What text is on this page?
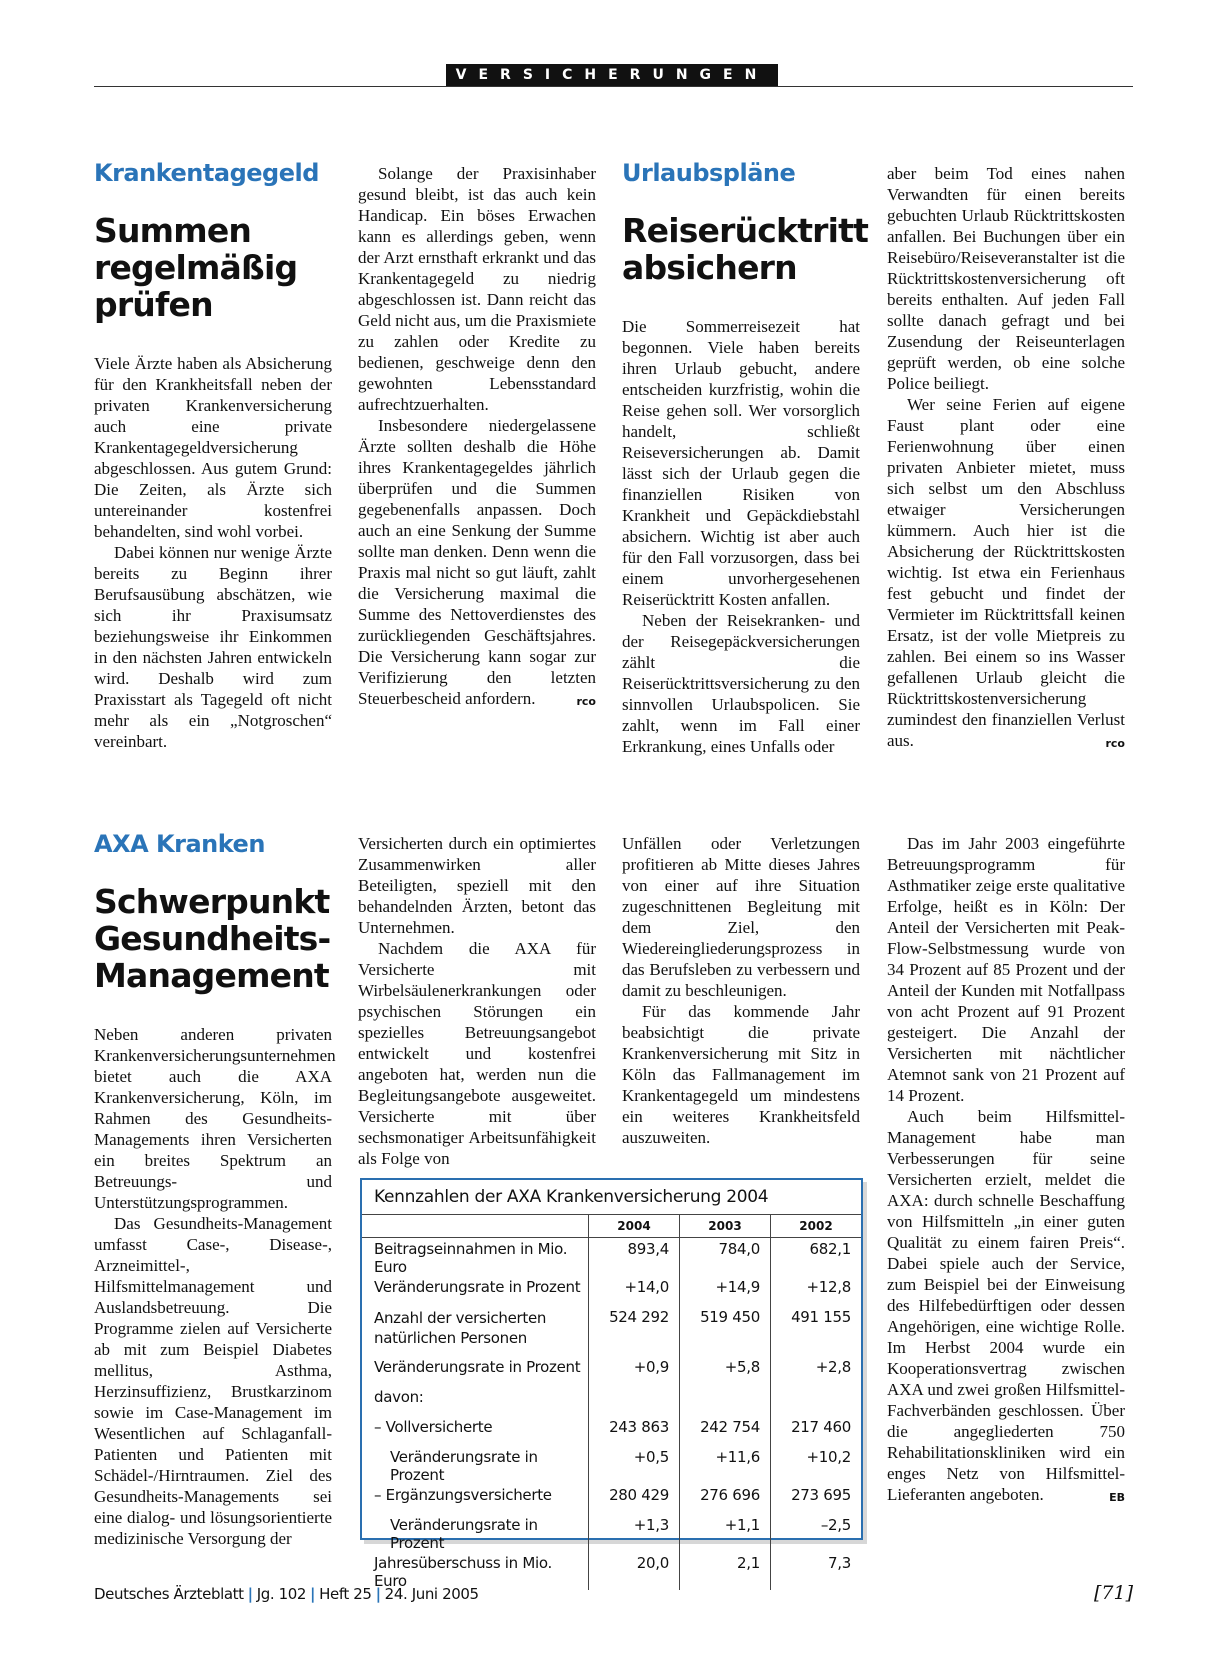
VERSICHERUNGEN
Krankentagegeld
Summen regelmäßig prüfen

Viele Ärzte haben als Absicherung für den Krankheitsfall neben der privaten Krankenversicherung auch eine private Krankentagegeldversicherung abgeschlossen. Aus gutem Grund: Die Zeiten, als Ärzte sich untereinander kostenfrei behandelten, sind wohl vorbei.

Dabei können nur wenige Ärzte bereits zu Beginn ihrer Berufsausübung abschätzen, wie sich ihr Praxisumsatz beziehungsweise ihr Einkommen in den nächsten Jahren entwickeln wird. Deshalb wird zum Praxisstart als Tagegeld oft nicht mehr als ein „Notgroschen“ vereinbart.

Solange der Praxisinhaber gesund bleibt, ist das auch kein Handicap. Ein böses Erwachen kann es allerdings geben, wenn der Arzt ernsthaft erkrankt und das Krankentagegeld zu niedrig abgeschlossen ist. Dann reicht das Geld nicht aus, um die Praxismiete zu zahlen oder Kredite zu bedienen, geschweige denn den gewohnten Lebensstandard aufrechtzuerhalten.

Insbesondere niedergelassene Ärzte sollten deshalb die Höhe ihres Krankentagegeldes jährlich überprüfen und die Summen gegebenenfalls anpassen. Doch auch an eine Senkung der Summe sollte man denken. Denn wenn die Praxis mal nicht so gut läuft, zahlt die Versicherung maximal die Summe des Nettoverdienstes des zurückliegenden Geschäftsjahres. Die Versicherung kann sogar zur Verifizierung den letzten Steuerbescheid anfordern.	rco

Urlaubspläne
Reiserücktritt absichern

Die Sommerreisezeit hat begonnen. Viele haben bereits ihren Urlaub gebucht, andere entscheiden kurzfristig, wohin die Reise gehen soll. Wer vorsorglich handelt, schließt Reiseversicherungen ab. Damit lässt sich der Urlaub gegen die finanziellen Risiken von Krankheit und Gepäckdiebstahl absichern. Wichtig ist aber auch für den Fall vorzusorgen, dass bei einem unvorhergesehenen Reiserücktritt Kosten anfallen.

Neben der Reisekranken- und der Reisegepäckversicherungen zählt die Reiserücktrittsversicherung zu den sinnvollen Urlaubspolicen. Sie zahlt, wenn im Fall einer Erkrankung, eines Unfalls oder

aber beim Tod eines nahen Verwandten für einen bereits gebuchten Urlaub Rücktrittskosten anfallen. Bei Buchungen über ein Reisebüro/Reiseveranstalter ist die Rücktrittskostenversicherung oft bereits enthalten. Auf jeden Fall sollte danach gefragt und bei Zusendung der Reiseunterlagen geprüft werden, ob eine solche Police beiliegt.

Wer seine Ferien auf eigene Faust plant oder eine Ferienwohnung über einen privaten Anbieter mietet, muss sich selbst um den Abschluss etwaiger Versicherungen kümmern. Auch hier ist die Absicherung der Rücktrittskosten wichtig. Ist etwa ein Ferienhaus fest gebucht und findet der Vermieter im Rücktrittsfall keinen Ersatz, ist der volle Mietpreis zu zahlen. Bei einem so ins Wasser gefallenen Urlaub gleicht die Rücktrittskostenversicherung zumindest den finanziellen Verlust aus.	rco

AXA Kranken
Schwerpunkt Gesundheits-Management

Neben anderen privaten Krankenversicherungsunternehmen bietet auch die AXA Krankenversicherung, Köln, im Rahmen des Gesundheits-Managements ihren Versicherten ein breites Spektrum an Betreuungs- und Unterstützungsprogrammen.

Das Gesundheits-Management umfasst Case-, Disease-, Arzneimittel-, Hilfsmittelmanagement und Auslandsbetreuung. Die Programme zielen auf Versicherte ab mit zum Beispiel Diabetes mellitus, Asthma, Herzinsuffizienz, Brustkarzinom sowie im Case-Management im Wesentlichen auf Schlaganfall-Patienten und Patienten mit Schädel-/Hirntraumen. Ziel des Gesundheits-Managements sei eine dialog- und lösungsorientierte medizinische Versorgung der

Versicherten durch ein optimiertes Zusammenwirken aller Beteiligten, speziell mit den behandelnden Ärzten, betont das Unternehmen.

Nachdem die AXA für Versicherte mit Wirbelsäulenerkrankungen oder psychischen Störungen ein spezielles Betreuungsangebot entwickelt und kostenfrei angeboten hat, werden nun die Begleitungsangebote ausgeweitet. Versicherte mit über sechsmonatiger Arbeitsunfähigkeit als Folge von

Unfällen oder Verletzungen profitieren ab Mitte dieses Jahres von einer auf ihre Situation zugeschnittenen Begleitung mit dem Ziel, den Wiedereingliederungsprozess in das Berufsleben zu verbessern und damit zu beschleunigen.

Für das kommende Jahr beabsichtigt die private Krankenversicherung mit Sitz in Köln das Fallmanagement im Krankentagegeld um mindestens ein weiteres Krankheitsfeld auszuweiten.

Das im Jahr 2003 eingeführte Betreuungsprogramm für Asthmatiker zeige erste qualitative Erfolge, heißt es in Köln: Der Anteil der Versicherten mit Peak-Flow-Selbstmessung wurde von 34 Prozent auf 85 Prozent und der Anteil der Kunden mit Notfallpass von acht Prozent auf 91 Prozent gesteigert. Die Anzahl der Versicherten mit nächtlicher Atemnot sank von 21 Prozent auf 14 Prozent.

Auch beim Hilfsmittel-Management habe man Verbesserungen für seine Versicherten erzielt, meldet die AXA: durch schnelle Beschaffung von Hilfsmitteln „in einer guten Qualität zu einem fairen Preis“. Dabei spiele auch der Service, zum Beispiel bei der Einweisung des Hilfebedürftigen oder dessen Angehörigen, eine wichtige Rolle. Im Herbst 2004 wurde ein Kooperationsvertrag zwischen AXA und zwei großen Hilfsmittel-Fachverbänden geschlossen. Über die angegliederten 750 Rehabilitationskliniken wird ein enges Netz von Hilfsmittel-Lieferanten angeboten.	EB

Kennzahlen der AXA Krankenversicherung 2004
	2004	2003	2002
Beitragseinnahmen in Mio. Euro	893,4	784,0	682,1
Veränderungsrate in Prozent	+14,0	+14,9	+12,8
Anzahl der versicherten natürlichen Personen	524 292	519 450	491 155
Veränderungsrate in Prozent	+0,9	+5,8	+2,8
davon:			
– Vollversicherte	243 863	242 754	217 460
Veränderungsrate in Prozent	+0,5	+11,6	+10,2
– Ergänzungsversicherte	280 429	276 696	273 695
Veränderungsrate in Prozent	+1,3	+1,1	–2,5
Jahresüberschuss in Mio. Euro	20,0	2,1	7,3
Deutsches Ärzteblatt | Jg. 102 | Heft 25 | 24. Juni 2005	[71]
